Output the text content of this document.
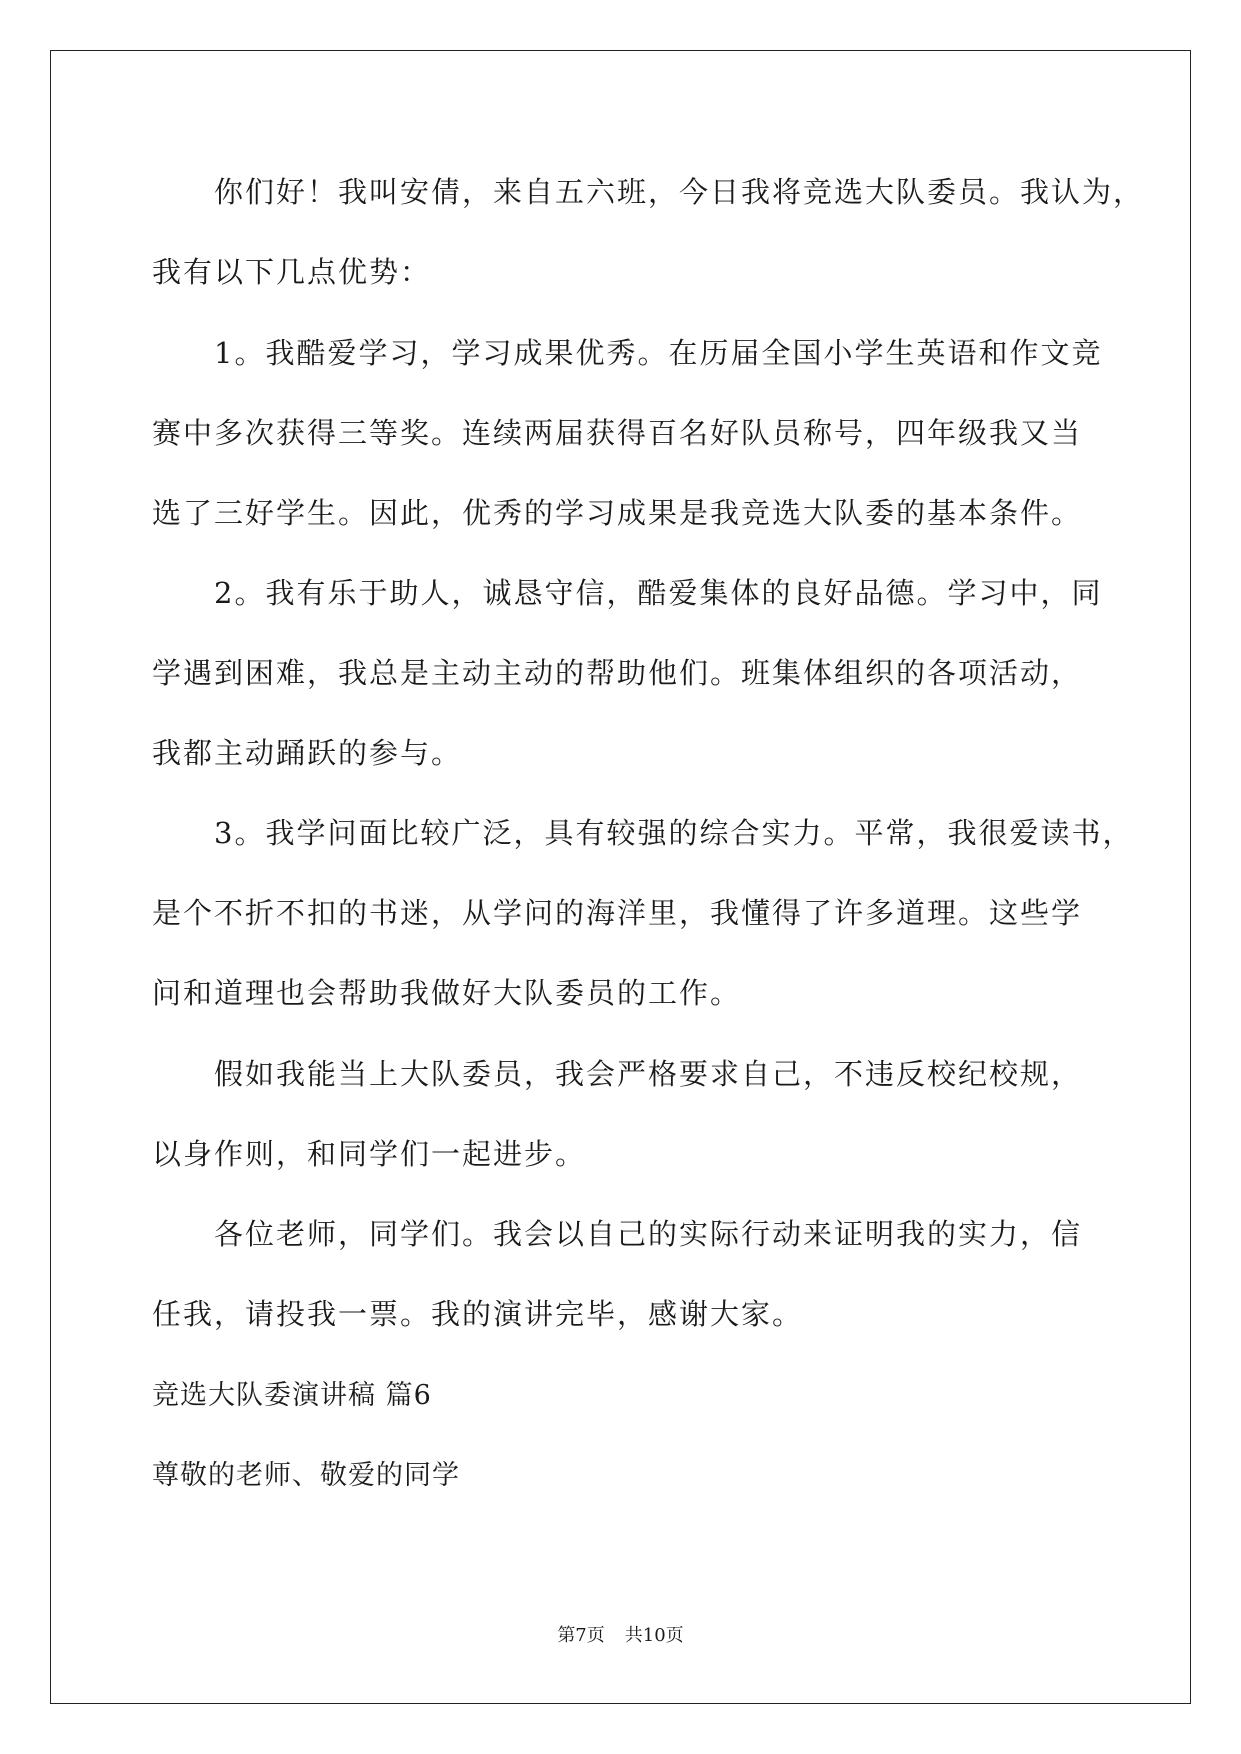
你们好！我叫安倩，来自五六班，今日我将竞选大队委员。我认为，
我有以下几点优势：
1。我酷爱学习，学习成果优秀。在历届全国小学生英语和作文竞
赛中多次获得三等奖。连续两届获得百名好队员称号，四年级我又当
选了三好学生。因此，优秀的学习成果是我竞选大队委的基本条件。
2。我有乐于助人，诚恳守信，酷爱集体的良好品德。学习中，同
学遇到困难，我总是主动主动的帮助他们。班集体组织的各项活动，
我都主动踊跃的参与。
3。我学问面比较广泛，具有较强的综合实力。平常，我很爱读书，
是个不折不扣的书迷，从学问的海洋里，我懂得了许多道理。这些学
问和道理也会帮助我做好大队委员的工作。
假如我能当上大队委员，我会严格要求自己，不违反校纪校规，
以身作则，和同学们一起进步。
各位老师，同学们。我会以自己的实际行动来证明我的实力，信
任我，请投我一票。我的演讲完毕，感谢大家。
竞选大队委演讲稿 篇6
尊敬的老师、敬爱的同学
第7页 共10页
